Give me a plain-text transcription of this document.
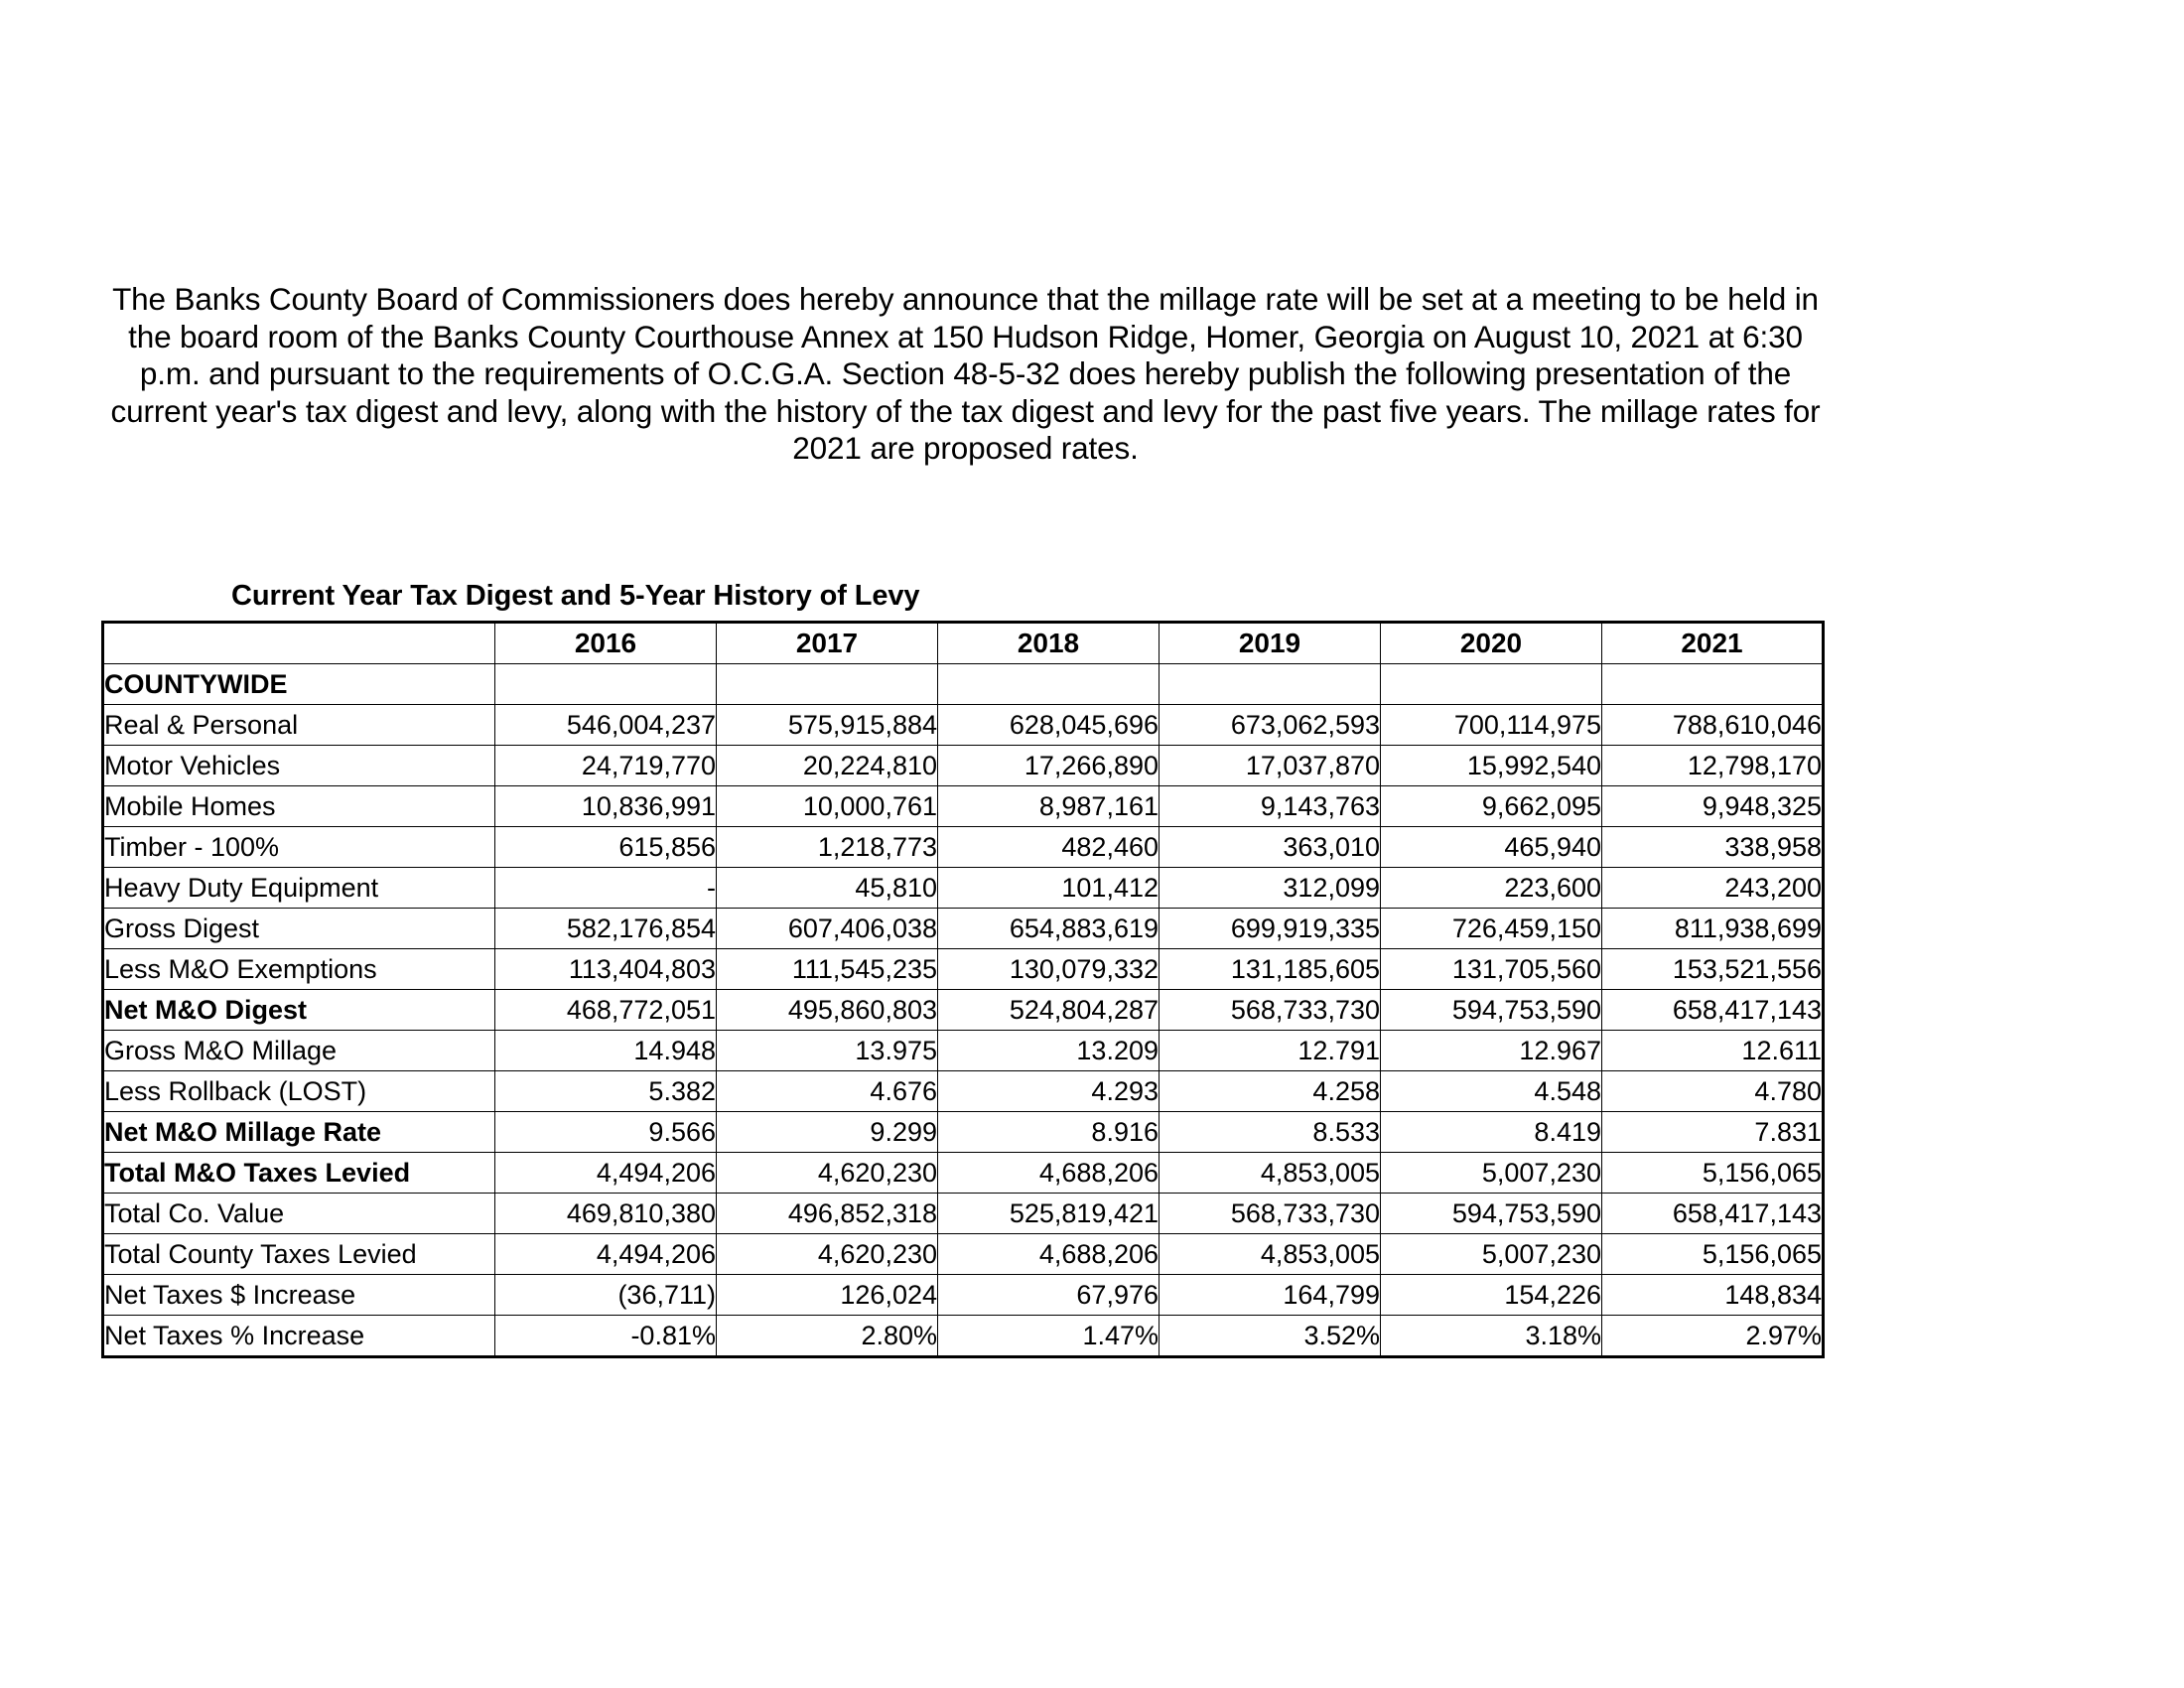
The Banks County Board of Commissioners does hereby announce that the millage rate will be set at a meeting to be held in the board room of the Banks County Courthouse Annex at 150 Hudson Ridge, Homer, Georgia on August 10, 2021 at 6:30 p.m. and pursuant to the requirements of O.C.G.A. Section 48-5-32 does hereby publish the following presentation of the current year's tax digest and levy, along with the history of the tax digest and levy for the past five years. The millage rates for 2021 are proposed rates.
Current Year Tax Digest and 5-Year History of Levy
	2016	2017	2018	2019	2020	2021
COUNTYWIDE						
Real & Personal	546,004,237	575,915,884	628,045,696	673,062,593	700,114,975	788,610,046
Motor Vehicles	24,719,770	20,224,810	17,266,890	17,037,870	15,992,540	12,798,170
Mobile Homes	10,836,991	10,000,761	8,987,161	9,143,763	9,662,095	9,948,325
Timber - 100%	615,856	1,218,773	482,460	363,010	465,940	338,958
Heavy Duty Equipment	-	45,810	101,412	312,099	223,600	243,200
Gross Digest	582,176,854	607,406,038	654,883,619	699,919,335	726,459,150	811,938,699
Less M&O Exemptions	113,404,803	111,545,235	130,079,332	131,185,605	131,705,560	153,521,556
Net M&O Digest	468,772,051	495,860,803	524,804,287	568,733,730	594,753,590	658,417,143
Gross M&O Millage	14.948	13.975	13.209	12.791	12.967	12.611
Less Rollback (LOST)	5.382	4.676	4.293	4.258	4.548	4.780
Net M&O Millage Rate	9.566	9.299	8.916	8.533	8.419	7.831
Total M&O Taxes Levied	4,494,206	4,620,230	4,688,206	4,853,005	5,007,230	5,156,065
Total Co. Value	469,810,380	496,852,318	525,819,421	568,733,730	594,753,590	658,417,143
Total County Taxes Levied	4,494,206	4,620,230	4,688,206	4,853,005	5,007,230	5,156,065
Net Taxes $ Increase	(36,711)	126,024	67,976	164,799	154,226	148,834
Net Taxes % Increase	-0.81%	2.80%	1.47%	3.52%	3.18%	2.97%
